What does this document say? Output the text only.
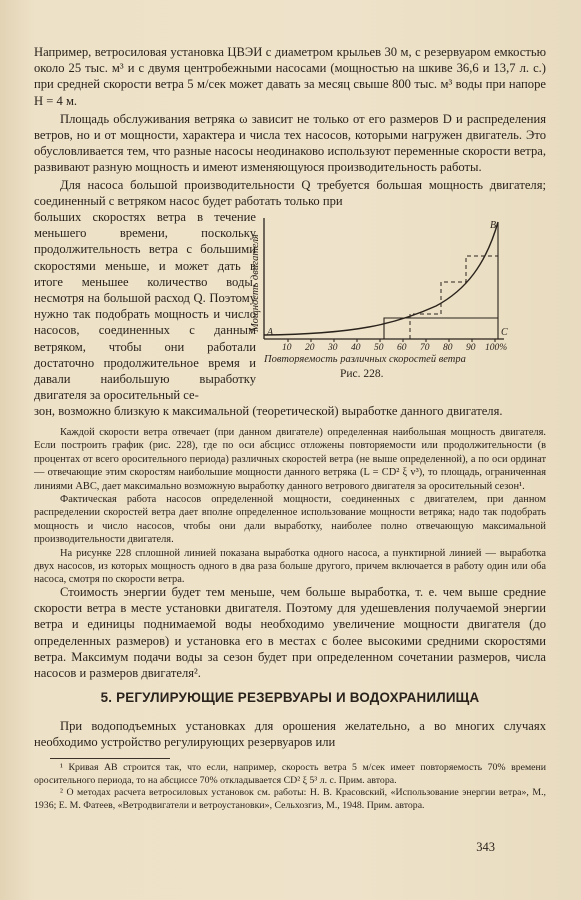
Например, ветросиловая установка ЦВЭИ с диаметром крыльев 30 м, с резервуаром емкостью около 25 тыс. м³ и с двумя центробежными насосами (мощностью на шкиве 36,6 и 13,7 л. с.) при средней скорости ветра 5 м/сек может давать за месяц свыше 800 тыс. м³ воды при напоре H = 4 м.

Площадь обслуживания ветряка ω зависит не только от его размеров D и распределения ветров, но и от мощности, характера и числа тех насосов, которыми нагружен двигатель. Это обусловливается тем, что разные насосы неодинаково используют переменные скорости ветра, развивают разную мощность и имеют изменяющуюся производительность работы.

Для насоса большой производительности Q требуется большая мощность двигателя; соединенный с ветряком насос будет работать только при

больших скоростях ветра в течение меньшего времени, поскольку продолжительность ветра с большими скоростями меньше, и может дать в итоге меньшее количество воды, несмотря на большой расход Q. Поэтому нужно так подобрать мощность и число насосов, соединенных с данным ветряком, чтобы они работали достаточно продолжительное время и давали наибольшую выработку двигателя за оросительный се-

зон, возможно близкую к максимальной (теоретической) выработке данного двигателя.

A
B
C
Мощность двигателя
10 20 30 40 50 60 70 80 90 100%
Повторяемость различных скоростей ветра
Рис. 228.

Каждой скорости ветра отвечает (при данном двигателе) определенная наибольшая мощность двигателя. Если построить график (рис. 228), где по оси абсцисс отложены повторяемости или продолжительности (в процентах от всего оросительного периода) различных скоростей ветра (не выше определенной), а по оси ординат — отвечающие этим скоростям наибольшие мощности данного ветряка (L = CD² ξ v³), то площадь, ограниченная линиями ABC, дает максимально возможную выработку данного ветрового двигателя за оросительный сезон¹.

Фактическая работа насосов определенной мощности, соединенных с двигателем, при данном распределении скоростей ветра дает вполне определенное использование мощности ветряка; надо так подобрать мощность и число насосов, чтобы они дали выработку, наиболее полно отвечающую максимальной производительности двигателя.

На рисунке 228 сплошной линией показана выработка одного насоса, а пунктирной линией — выработка двух насосов, из которых мощность одного в два раза больше другого, причем включается в работу один или оба насоса, смотря по скорости ветра.

Стоимость энергии будет тем меньше, чем больше выработка, т. е. чем выше средние скорости ветра в месте установки двигателя. Поэтому для удешевления получаемой энергии ветра и единицы поднимаемой воды необходимо увеличение мощности двигателя (до определенных размеров) и установка его в местах с более высокими средними скоростями ветра. Максимум подачи воды за сезон будет при определенном сочетании размеров, числа насосов и размеров двигателя².

5. РЕГУЛИРУЮЩИЕ РЕЗЕРВУАРЫ И ВОДОХРАНИЛИЩА

При водоподъемных установках для орошения желательно, а во многих случаях необходимо устройство регулирующих резервуаров или

¹ Кривая AB строится так, что если, например, скорость ветра 5 м/сек имеет повторяемость 70% времени оросительного периода, то на абсциссе 70% откладывается CD² ξ 5³ л. с. Прим. автора.

² О методах расчета ветросиловых установок см. работы: Н. В. Красовский, «Использование энергии ветра», М., 1936; Е. М. Фатеев, «Ветродвигатели и ветроустановки», Сельхозгиз, М., 1948. Прим. автора.

343
